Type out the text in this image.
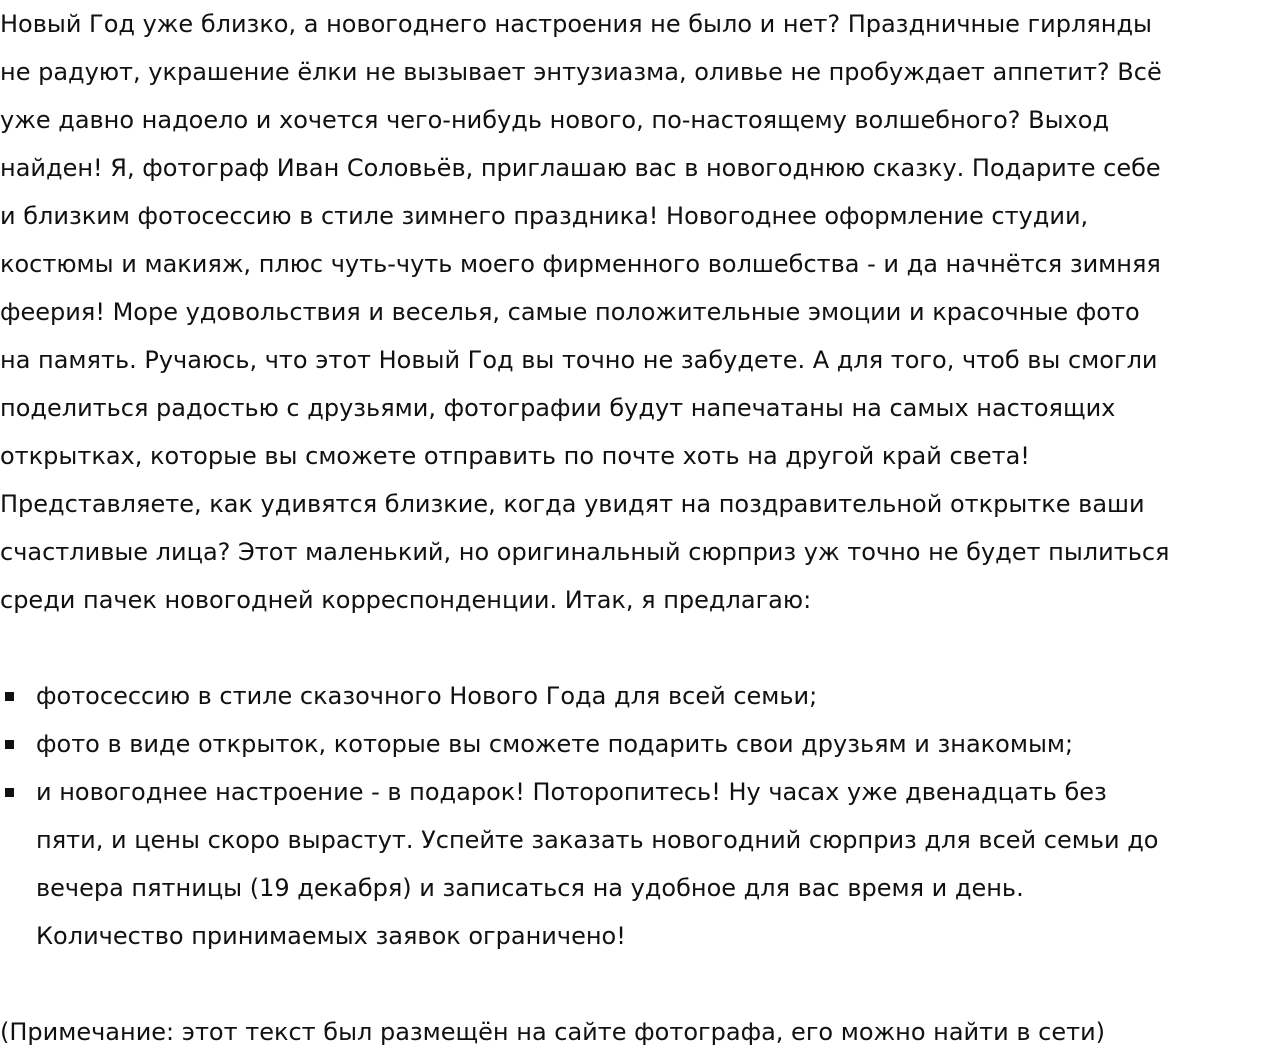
Новый Год уже близко, а новогоднего настроения не было и нет? Праздничные гирлянды
не радуют, украшение ёлки не вызывает энтузиазма, оливье не пробуждает аппетит? Всё
уже давно надоело и хочется чего-нибудь нового, по-настоящему волшебного? Выход
найден! Я, фотограф Иван Соловьёв, приглашаю вас в новогоднюю сказку. Подарите себе
и близким фотосессию в стиле зимнего праздника! Новогоднее оформление студии,
костюмы и макияж, плюс чуть-чуть моего фирменного волшебства - и да начнётся зимняя
феерия! Море удовольствия и веселья, самые положительные эмоции и красочные фото
на память. Ручаюсь, что этот Новый Год вы точно не забудете. А для того, чтоб вы смогли
поделиться радостью с друзьями, фотографии будут напечатаны на самых настоящих
открытках, которые вы сможете отправить по почте хоть на другой край света!
Представляете, как удивятся близкие, когда увидят на поздравительной открытке ваши
счастливые лица? Этот маленький, но оригинальный сюрприз уж точно не будет пылиться
среди пачек новогодней корреспонденции. Итак, я предлагаю:

фотосессию в стиле сказочного Нового Года для всей семьи;
фото в виде открыток, которые вы сможете подарить свои друзьям и знакомым;
и новогоднее настроение - в подарок! Поторопитесь! Ну часах уже двенадцать без
пяти, и цены скоро вырастут. Успейте заказать новогодний сюрприз для всей семьи до
вечера пятницы (19 декабря) и записаться на удобное для вас время и день.
Количество принимаемых заявок ограничено!

(Примечание: этот текст был размещён на сайте фотографа, его можно найти в сети)
